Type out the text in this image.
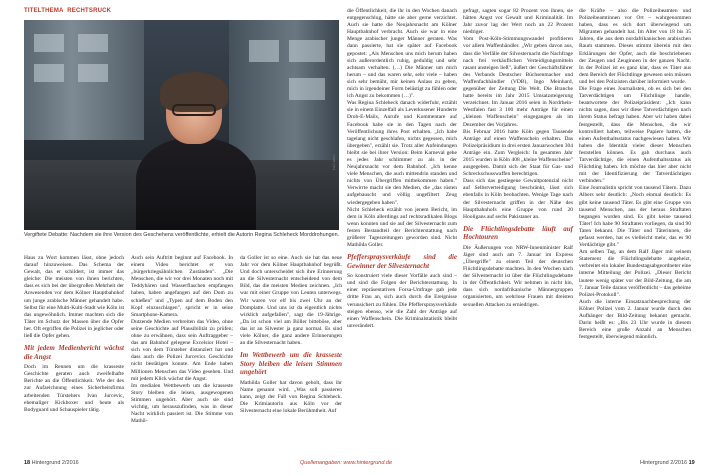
TITELTHEMA RECHTSRUCK
Foto: Wehn
Vergiftete Debatte: Nachdem sie ihre Version des Geschehens veröffentlichte, erhielt die Autorin Regina Schleheck Morddrohungen.

Haus zu Wort kommen lässt, ohne jedoch darauf hinzuweisen. Das Schema der Gewalt, das er schildert, ist immer das gleiche: Die meisten von ihnen berichten, dass es sich bei der übergroßen Mehrheit der Anwesenden vor dem Kölner Hauptbahnhof um junge arabische Männer gehandelt habe. Selbst für eine Multi-Kulti-Stadt wie Köln ist das ungewöhnlich. Immer machten sich die Täter im Schutz der Massen über die Opfer her. Oft ergriffen die Polizei in jeglicher oder ließ die Opfer gehen.

Mit jedem Medienbericht wächst die Angst

Doch im Rennen um die krasseste Geschichte geraten auch zweifelhafte Berichte an die Öffentlichkeit. Wie der des zur Aufzeichnung eines Sicherheitsfirma arbeitenden Türstehers Ivan Jurcevic, ehemaliger Kickboxer und heute als Bodyguard und Schauspieler tätig.

Auch sein Auftritt beginnt auf Facebook. In einem Video berichtet er von „bürgerkriegsähnlichen Zuständen". „Die Menschen, die wir vor drei Monaten noch mit Teddybären und Wasserflaschen empfangen haben, haben angefangen auf den Dom zu schießen" und „Typen auf dem Boden den Kopf einzuschlagen", spricht er in seine Smartphone-Kamera.

Dutzende Medien verbreiten das Video, ohne seine Geschichte auf Plausibilität zu prüfen; ohne zu erwähnen, dass sein Auftraggeber – das am Bahnhof gelegene Excelsior Hotel – sich von dem Türsteher distanziert hat und dass auch die Polizei Jurcevics Geschichte nicht bestätigen konnte. Am Ende haben Millionen Menschen das Video gesehen. Und mit jedem Klick wächst die Angst.

Im medialen Wettbewerb um die krasseste Story bleiben die leisen, ausgewogenen Stimmen ungehört. Aber auch sie sind wichtig, um herauszufinden, was in dieser Nacht wirklich passiert ist. Die Stimme von Mathil-

da Goller ist so eine. Auch sie hat das neue Jahr vor dem Kölner Hauptbahnhof begrüßt. Und doch unterscheidet sich ihre Erinnerung an die Silvesternacht entscheidend von dem Bild, das die meisten Medien zeichnen. „Ich war mit einer Gruppe von Leuten unterwegs. Wir waren vor elf bis zwei Uhr an der Domplatte. Und uns ist da eigentlich nichts wirklich aufgefallen", sagt die 19-Jährige. „Da ist schon viel am Böller bitteböse, aber das ist an Silvester ja ganz normal. Es sind viele Kölner, die ganz andere Erinnerungen an die Silvesternacht haben.

Im Wettbewerb um die krasseste Story bleiben die leisen Stimmen ungehört

Mathilda Goller hat davon geholt, dass ihr Name genannt wird. „Was soll passieren kann, zeigt der Fall von Regina Schleheck. Die Krimiautorin aus Köln vor der Silvesternacht eine lokale Berühmtheit. Auf

die Öffentlichkeit, die ihr in den Wochen danach entgegenschlug, hätte sie aber gerne verzichtet. Auch sie hatte die Neujahrsnacht am Kölner Hauptbahnhof verbracht. Auch sie war in eine Menge arabischer junger Männer geraten. Was dann passierte, hat sie später auf Facebook gepostet: „Als Menschen uns mich herum haben sich außerordentlich ruhig, geduldig und sehr achtsam verhalten. (…) Die Männer um mich herum – und das waren sehr, sehr viele – haben sich sehr bemüht, mir keinen Anlass zu geben, mich in irgendeiner Form belästigt zu fühlen oder ich Angst zu bekommen (…)".

Was Regina Schleheck danach widerfuhr, erzählt sie in einem Einzelfall als Leverkusener Hunderte Droh-E-Mails, Anrufe und Kommentare auf Facebook habe sie in den Tagen nach der Veröffentlichung ihres Post erhalten. „Ich habe tagelang nicht geschlafen, nichts gegessen, mich übergeben", erzählt sie. Trotz aller Anfeindungen bleibt sie bei ihrer Version: Beim Karneval gehe es jedes Jahr schlimmer zu als in der Neujahrsnacht vor dem Bahnhof. „Ich kenne viele Menschen, die auch mittendrin standen und nichts von Übergriffen mitbekommen haben." Verwirrte macht sie den Medien, die „das rüsten aufgebauscht und völlig ungefiltert Zeug wiedergegeben haben".

Nicht Schleheck erzählt von jenem Bericht, im dem in Köln allerdings auf rechtsradikalen Blogs wenn konnten und sie auf der Silvesternacht zum festen Bestandteil der Berichterstattung nach größerer Tageszeitungen geworden sind. Nicht Mathilda Goller.

Pfefferspraysverkäufe sind die Gewinner der Silvesternacht

So konstruiert viele dieser Vorfälle auch sind – und sind die Folgen der Berichterstattung. In einer repräsentativen Forsa-Umfrage gab jede dritte Frau an, sich auch durch die Ereignisse verunsichert zu fühlen. Die Pfefferspraysverkäufe steigen ebenso, wie die Zahl der Anträge auf einen Waffenschein. Die Kriminalstatistik bleibt unverändert.

gefragt, sagten sogar 82 Prozent von ihnen, sie hätten Angst vor Gewalt und Kriminalität. Im Jahr zuvor lag der Wert noch an 22 Prozent niedriger.

Vom Post-Köln-Stimmungswandel profitieren vor allem Waffenhändler. „Wir geben davon aus, dass die Verfälle der Silvesternacht die Nachfrage nach frei verkäuflichen Verteidigungsmitteln rasant ansteigen ließ", äußert der Geschäftsführer des Verbands Deutscher Büchsenmacher und Waffenfachhändler (VDB), Ingo Meinhard, gegenüber der Zeitung Die Welt. Die Branche hatte bereits im Jahr 2015 Umsatzsteigerung verzeichnet. Im Januar 2016 seien in Nordrhein-Westfalen fast 3 100 mehr Anträge für einen „kleinen Waffenschein" eingegangen als im Dezember des Vorjahres.

Bis Februar 2016 hatte Köln gegen Tausende Anträge auf einen Waffenschein erhalten. Das Polizeipräsidium in drei ersten Januarwochen 304 Anträge ein. Zum Vergleich: In gesamten Jahr 2015 wurden in Köln 408 „kleine Waffenscheine" ausgegeben. Damit sich der Staat für Gas- und Schreckschusswaffen berechtigen.

Dass sich das gestiegene Gewaltpotenzial nicht auf Selbstverteidigung beschränkt, lässt sich ebenfalls in Köln beobachten. Wenige Tage nach der Silvesternacht griffen in der Nähe des Hauptbahnhofs eine Gruppe von rund 20 Hooligans auf sechs Pakistaner an.

Die Flüchtlingsdebatte läuft auf Hochtouren

Die Äußerungen von NRW-Innenminister Ralf Jäger sind auch am 7. Januar im Express „Übergriffe" zu einem Teil der deutschen Flüchtlingsdebatte machten. In den Wochen nach der Silvesternacht ist über die Flüchtlingsdebatte in der Öffentlichkeit. Wir nehmen in nicht hin, dass sich nordafrikanische Männergruppen organisierten, um wehrlose Frauen mit dreisten sexuellen Attacken zu erniedrigen.

die Kräfte – also die Polizeibeamten und Polizeibeamtinnen vor Ort – wahrgenommen haben, dass es sich dort überwiegend um Migranten gehandelt hat. Im Alter von 18 bis 35 Jahren, die aus dem nordafrikanischen arabischen Raum stammen. Dieses stimmt überein mit den Erklärungen der Opfer, auch die beschriebenen der Zeugen und Zeuginnen in der ganzen Nacht. In der Polizei ist es ganz klar, dass es Täter aus dem Bereich der Flüchtlinge gewesen sein müssen und bei den Polizisten darüber informiert wurde.

Die Frage eines Journalisten, ob es sich bei den Tatverdächtigen um Flüchtlinge handle, beantwortete der Polizeipräsident: „Ich kann nichts sagen, dass wir diese Tatverdächtigen nach ihrem Status befragt haben. Aber wir haben dabei festgestellt, dass die Menschen, die wir kontrolliert haben, teilweise Papiere hatten, die einen Aufenthaltsstatus nachgewiesen haben. Wir haben die Identität vieler dieser Menschen feststellen können. Es gab durchaus auch Tatverdächtige, die einen Aufenthaltsstatus als Flüchtling haben. Ich möchte das hier aber nicht mit der Identifizierung der Tatverdächtigen verbinden."

Eine Journalistin spricht von tausend Tätern. Dazu Albers sehr deutlich: „Noch einmal deutlich: Es gibt keine tausend Täter. Es gibt eine Gruppe von tausend Menschen, aus der heraus Straftaten begangen worden sind. Es gibt keine tausend Täter! Ich habe 90 Straftaten vorliegen, da sind 90 Taten bekannt. Die Täter und Täterinnen, die gefasst werden, hat es vielleicht mehr, das es 90 Verdächtige gibt."

Am selben Tag, an dem Ralf Jäger mit seinem Statement die Flüchtlingsdebatte angeheizt, verbreitet ein lokaler Bundestagsabgeordneter eine interne Mitteilung der Polizei. „Dieser Bericht lautete wenig später vor der Bild-Zeitung, die am 7. Januar Teile daraus veröffentlicht – das geheime Polizei-Protokoll".

Auch die interne Einsatznachbesprechung der Kölner Polizei vom 2. Januar wurde durch den Aufhänger der Bild-Zeitung bekannt gemacht. Darin heißt es: „Bis 23 Uhr wurde in diesem Bereich eine große Anzahl an Menschen festgestellt, überwiegend männlich.

18 Hintergrund 2/2016	Quellenangaben: www.hintergrund.de	Hintergrund 2/2016 19
